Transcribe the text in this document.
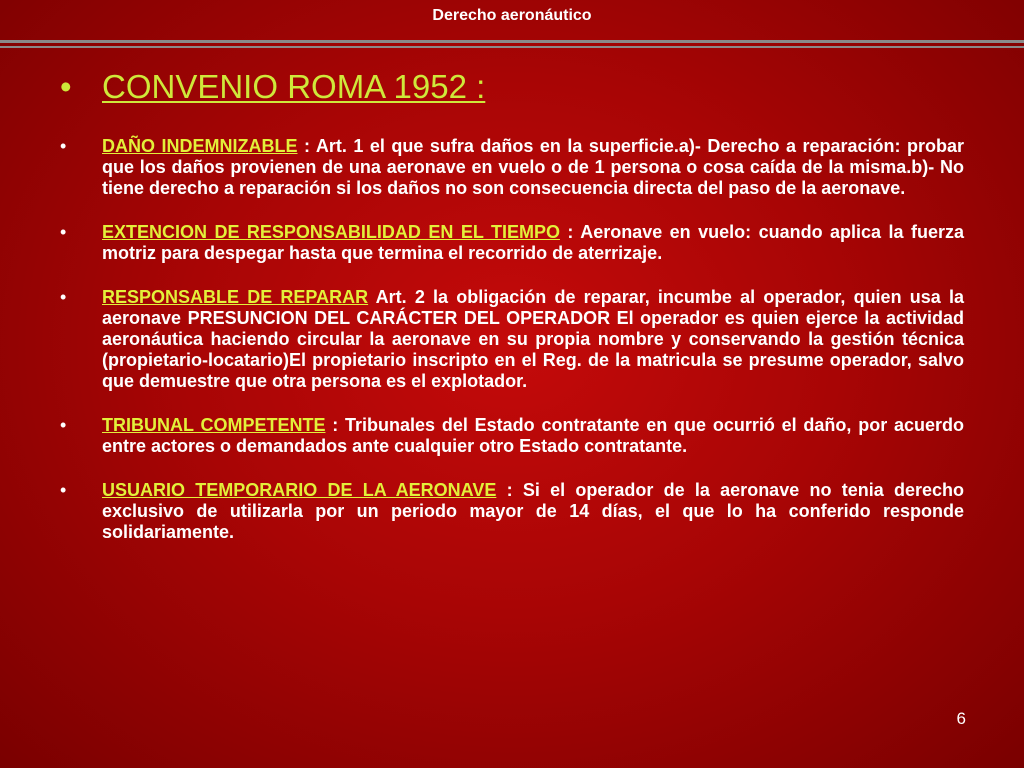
Derecho aeronáutico
• CONVENIO ROMA 1952 :
• DAÑO INDEMNIZABLE : Art. 1 el que sufra daños en la superficie.a)- Derecho a reparación: probar que los daños provienen de una aeronave en vuelo o de 1 persona o cosa caída de la misma.b)- No tiene derecho a reparación si los daños no son consecuencia directa del paso de la aeronave.
• EXTENCION DE RESPONSABILIDAD EN EL TIEMPO : Aeronave en vuelo: cuando aplica la fuerza motriz para despegar hasta que termina el recorrido de aterrizaje.
• RESPONSABLE DE REPARAR Art. 2 la obligación de reparar, incumbe al operador, quien usa la aeronave PRESUNCION DEL CARÁCTER DEL OPERADOR El operador es quien ejerce la actividad aeronáutica haciendo circular la aeronave en su propia nombre y conservando la gestión técnica (propietario-locatario)El propietario inscripto en el Reg. de la matricula se presume operador, salvo que demuestre que otra persona es el explotador.
• TRIBUNAL COMPETENTE : Tribunales del Estado contratante en que ocurrió el daño, por acuerdo entre actores o demandados ante cualquier otro Estado contratante.
• USUARIO TEMPORARIO DE LA AERONAVE : Si el operador de la aeronave no tenia derecho exclusivo de utilizarla por un periodo mayor de 14 días, el que lo ha conferido responde solidariamente.
6
